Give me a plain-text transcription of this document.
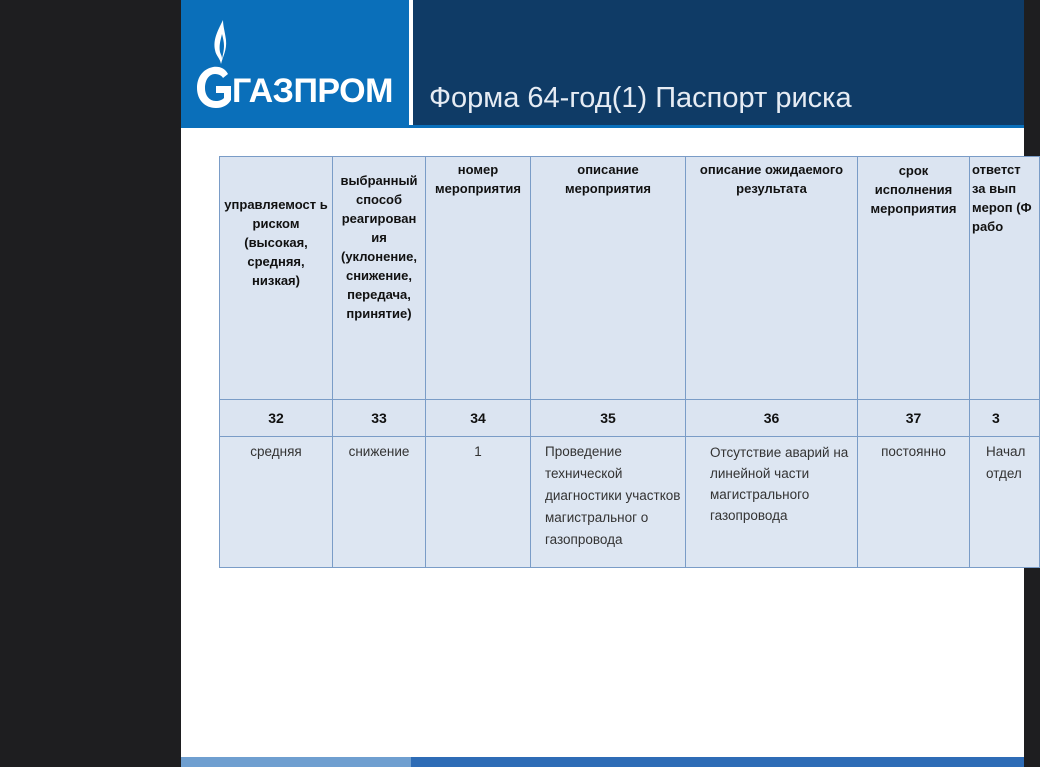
ГАЗПРОМ Форма 64-год(1) Паспорт риска
управляемост ь риском (высокая, средняя, низкая)	выбранный способ реагирован ия (уклонение, снижение, передача, принятие)	номер мероприятия	описание мероприятия	описание ожидаемого результата	срок исполнения мероприятия	ответст за вып мероп (Ф рабо

32	33	34	35	36	37	3

средняя	снижение	1	Проведение технической диагностики участков магистральног о газопровода	Отсутствие аварий на линейной части магистрального газопровода	постоянно	Начал отдел
